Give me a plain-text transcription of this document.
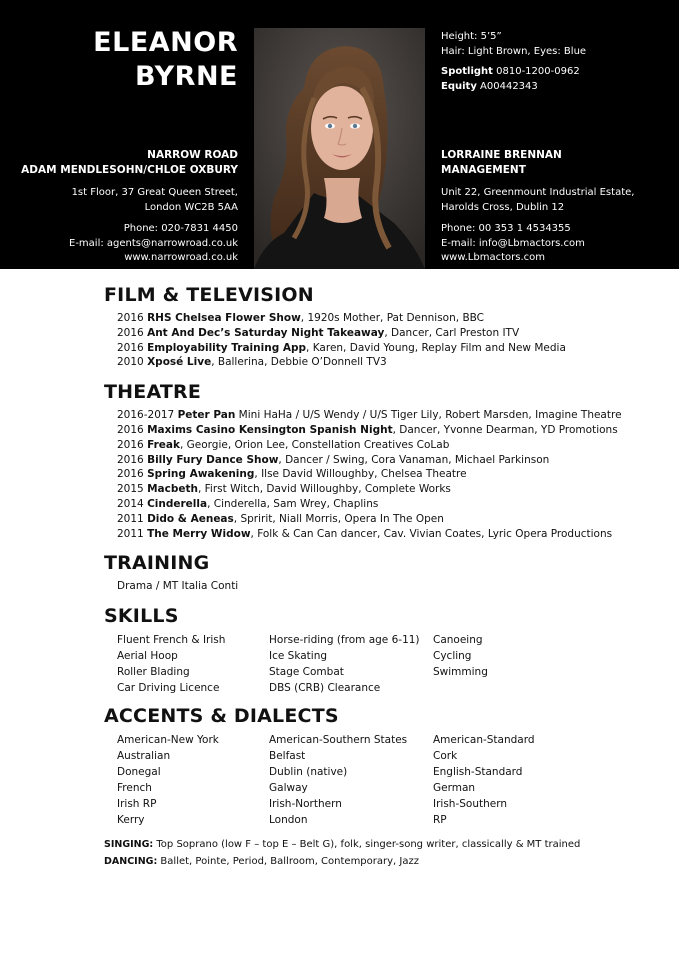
ELEANOR
BYRNE
NARROW ROAD
ADAM MENDLESOHN/CHLOE OXBURY
1st Floor, 37 Great Queen Street,
London WC2B 5AA
Phone: 020-7831 4450
E-mail: agents@narrowroad.co.uk
www.narrowroad.co.uk
Height: 5’5”
Hair: Light Brown, Eyes: Blue
Spotlight 0810-1200-0962
Equity A00442343
LORRAINE BRENNAN
MANAGEMENT
Unit 22, Greenmount Industrial Estate,
Harolds Cross, Dublin 12
Phone: 00 353 1 4534355
E-mail: info@Lbmactors.com
www.Lbmactors.com
FILM & TELEVISION
2016 RHS Chelsea Flower Show, 1920s Mother, Pat Dennison, BBC
2016 Ant And Dec’s Saturday Night Takeaway, Dancer, Carl Preston ITV
2016 Employability Training App, Karen, David Young, Replay Film and New Media
2010 Xposé Live, Ballerina, Debbie O’Donnell TV3
THEATRE
2016-2017 Peter Pan Mini HaHa / U/S Wendy / U/S Tiger Lily, Robert Marsden, Imagine Theatre
2016 Maxims Casino Kensington Spanish Night, Dancer, Yvonne Dearman, YD Promotions
2016 Freak, Georgie, Orion Lee, Constellation Creatives CoLab
2016 Billy Fury Dance Show, Dancer / Swing, Cora Vanaman, Michael Parkinson
2016 Spring Awakening, Ilse David Willoughby, Chelsea Theatre
2015 Macbeth, First Witch, David Willoughby, Complete Works
2014 Cinderella, Cinderella, Sam Wrey, Chaplins
2011 Dido & Aeneas, Spririt, Niall Morris, Opera In The Open
2011 The Merry Widow, Folk & Can Can dancer, Cav. Vivian Coates, Lyric Opera Productions
TRAINING
Drama / MT Italia Conti
SKILLS
Fluent French & Irish	Horse-riding (from age 6-11)	Canoeing
Aerial Hoop	Ice Skating	Cycling
Roller Blading	Stage Combat	Swimming
Car Driving Licence	DBS (CRB) Clearance
ACCENTS & DIALECTS
American-New York	American-Southern States	American-Standard
Australian	Belfast	Cork
Donegal	Dublin (native)	English-Standard
French	Galway	German
Irish RP	Irish-Northern	Irish-Southern
Kerry	London	RP
SINGING: Top Soprano (low F – top E – Belt G), folk, singer-song writer, classically & MT trained
DANCING: Ballet, Pointe, Period, Ballroom, Contemporary, Jazz
